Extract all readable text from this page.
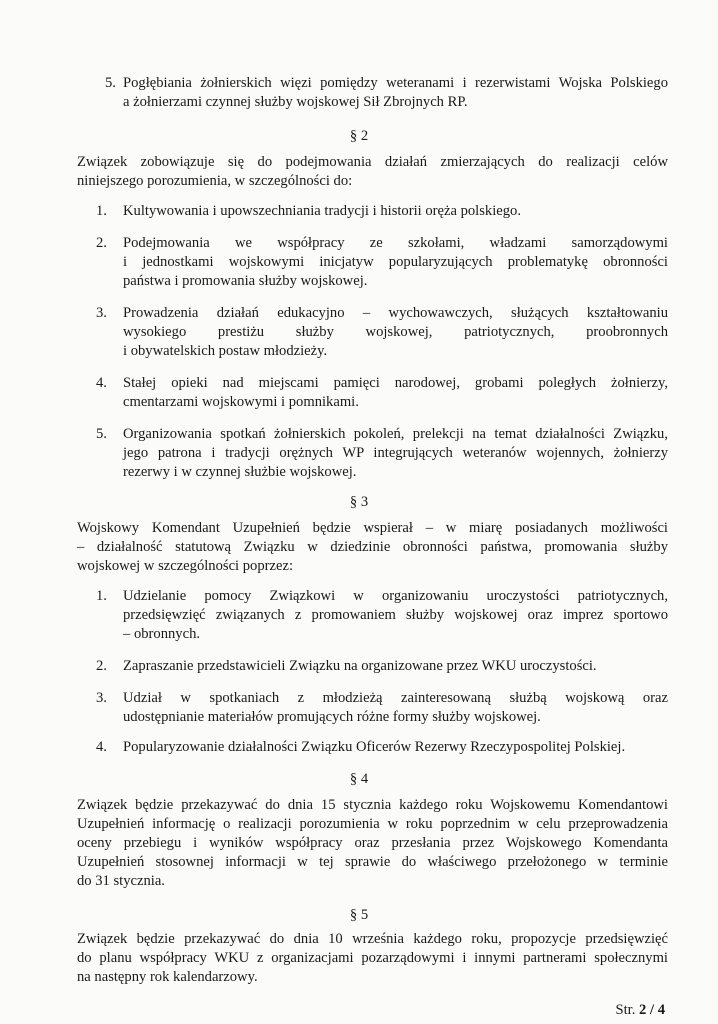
5. Pogłębiania żołnierskich więzi pomiędzy weteranami i rezerwistami Wojska Polskiego

a żołnierzami czynnej służby wojskowej Sił Zbrojnych RP.

§ 2

Związek zobowiązuje się do podejmowania działań zmierzających do realizacji celów

niniejszego porozumienia, w szczególności do:

1. Kultywowania i upowszechniania tradycji i historii oręża polskiego.

2. Podejmowania we współpracy ze szkołami, władzami samorządowymi

i jednostkami wojskowymi inicjatyw popularyzujących problematykę obronności

państwa i promowania służby wojskowej.

3. Prowadzenia działań edukacyjno – wychowawczych, służących kształtowaniu

wysokiego prestiżu służby wojskowej, patriotycznych, proobronnych

i obywatelskich postaw młodzieży.

4. Stałej opieki nad miejscami pamięci narodowej, grobami poległych żołnierzy,

cmentarzami wojskowymi i pomnikami.

5. Organizowania spotkań żołnierskich pokoleń, prelekcji na temat działalności Związku,

jego patrona i tradycji orężnych WP integrujących weteranów wojennych, żołnierzy

rezerwy i w czynnej służbie wojskowej.

§ 3

Wojskowy Komendant Uzupełnień będzie wspierał – w miarę posiadanych możliwości

– działalność statutową Związku w dziedzinie obronności państwa, promowania służby

wojskowej w szczególności poprzez:

1. Udzielanie pomocy Związkowi w organizowaniu uroczystości patriotycznych,

przedsięwzięć związanych z promowaniem służby wojskowej oraz imprez sportowo

– obronnych.

2. Zapraszanie przedstawicieli Związku na organizowane przez WKU uroczystości.

3. Udział w spotkaniach z młodzieżą zainteresowaną służbą wojskową oraz

udostępnianie materiałów promujących różne formy służby wojskowej.

4. Popularyzowanie działalności Związku Oficerów Rezerwy Rzeczypospolitej Polskiej.

§ 4

Związek będzie przekazywać do dnia 15 stycznia każdego roku Wojskowemu Komendantowi

Uzupełnień informację o realizacji porozumienia w roku poprzednim w celu przeprowadzenia

oceny przebiegu i wyników współpracy oraz przesłania przez Wojskowego Komendanta

Uzupełnień stosownej informacji w tej sprawie do właściwego przełożonego w terminie

do 31 stycznia.

§ 5

Związek będzie przekazywać do dnia 10 września każdego roku, propozycje przedsięwzięć

do planu współpracy WKU z organizacjami pozarządowymi i innymi partnerami społecznymi

na następny rok kalendarzowy.

Str. 2 / 4
